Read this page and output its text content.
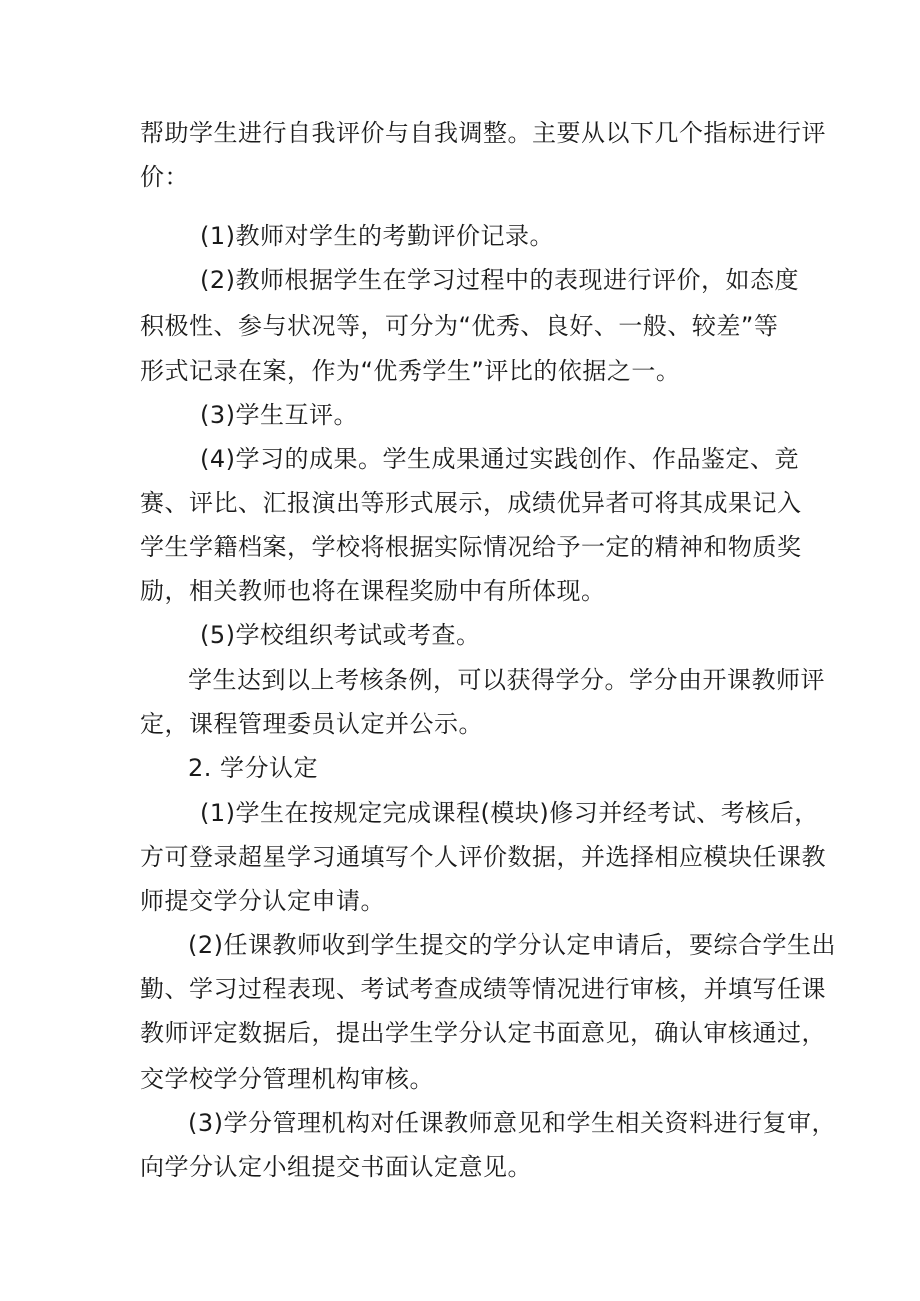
帮助学生进行自我评价与自我调整。主要从以下几个指标进行评
价：
(1)教师对学生的考勤评价记录。
(2)教师根据学生在学习过程中的表现进行评价，如态度
积极性、参与状况等，可分为“优秀、良好、一般、较差”等
形式记录在案，作为“优秀学生”评比的依据之一。
(3)学生互评。
(4)学习的成果。学生成果通过实践创作、作品鉴定、竞
赛、评比、汇报演出等形式展示，成绩优异者可将其成果记入
学生学籍档案，学校将根据实际情况给予一定的精神和物质奖
励，相关教师也将在课程奖励中有所体现。
(5)学校组织考试或考查。
学生达到以上考核条例，可以获得学分。学分由开课教师评
定，课程管理委员认定并公示。
2. 学分认定
(1)学生在按规定完成课程(模块)修习并经考试、考核后，
方可登录超星学习通填写个人评价数据，并选择相应模块任课教
师提交学分认定申请。
(2)任课教师收到学生提交的学分认定申请后，要综合学生出
勤、学习过程表现、考试考查成绩等情况进行审核，并填写任课
教师评定数据后，提出学生学分认定书面意见，确认审核通过，
交学校学分管理机构审核。
(3)学分管理机构对任课教师意见和学生相关资料进行复审，
向学分认定小组提交书面认定意见。
